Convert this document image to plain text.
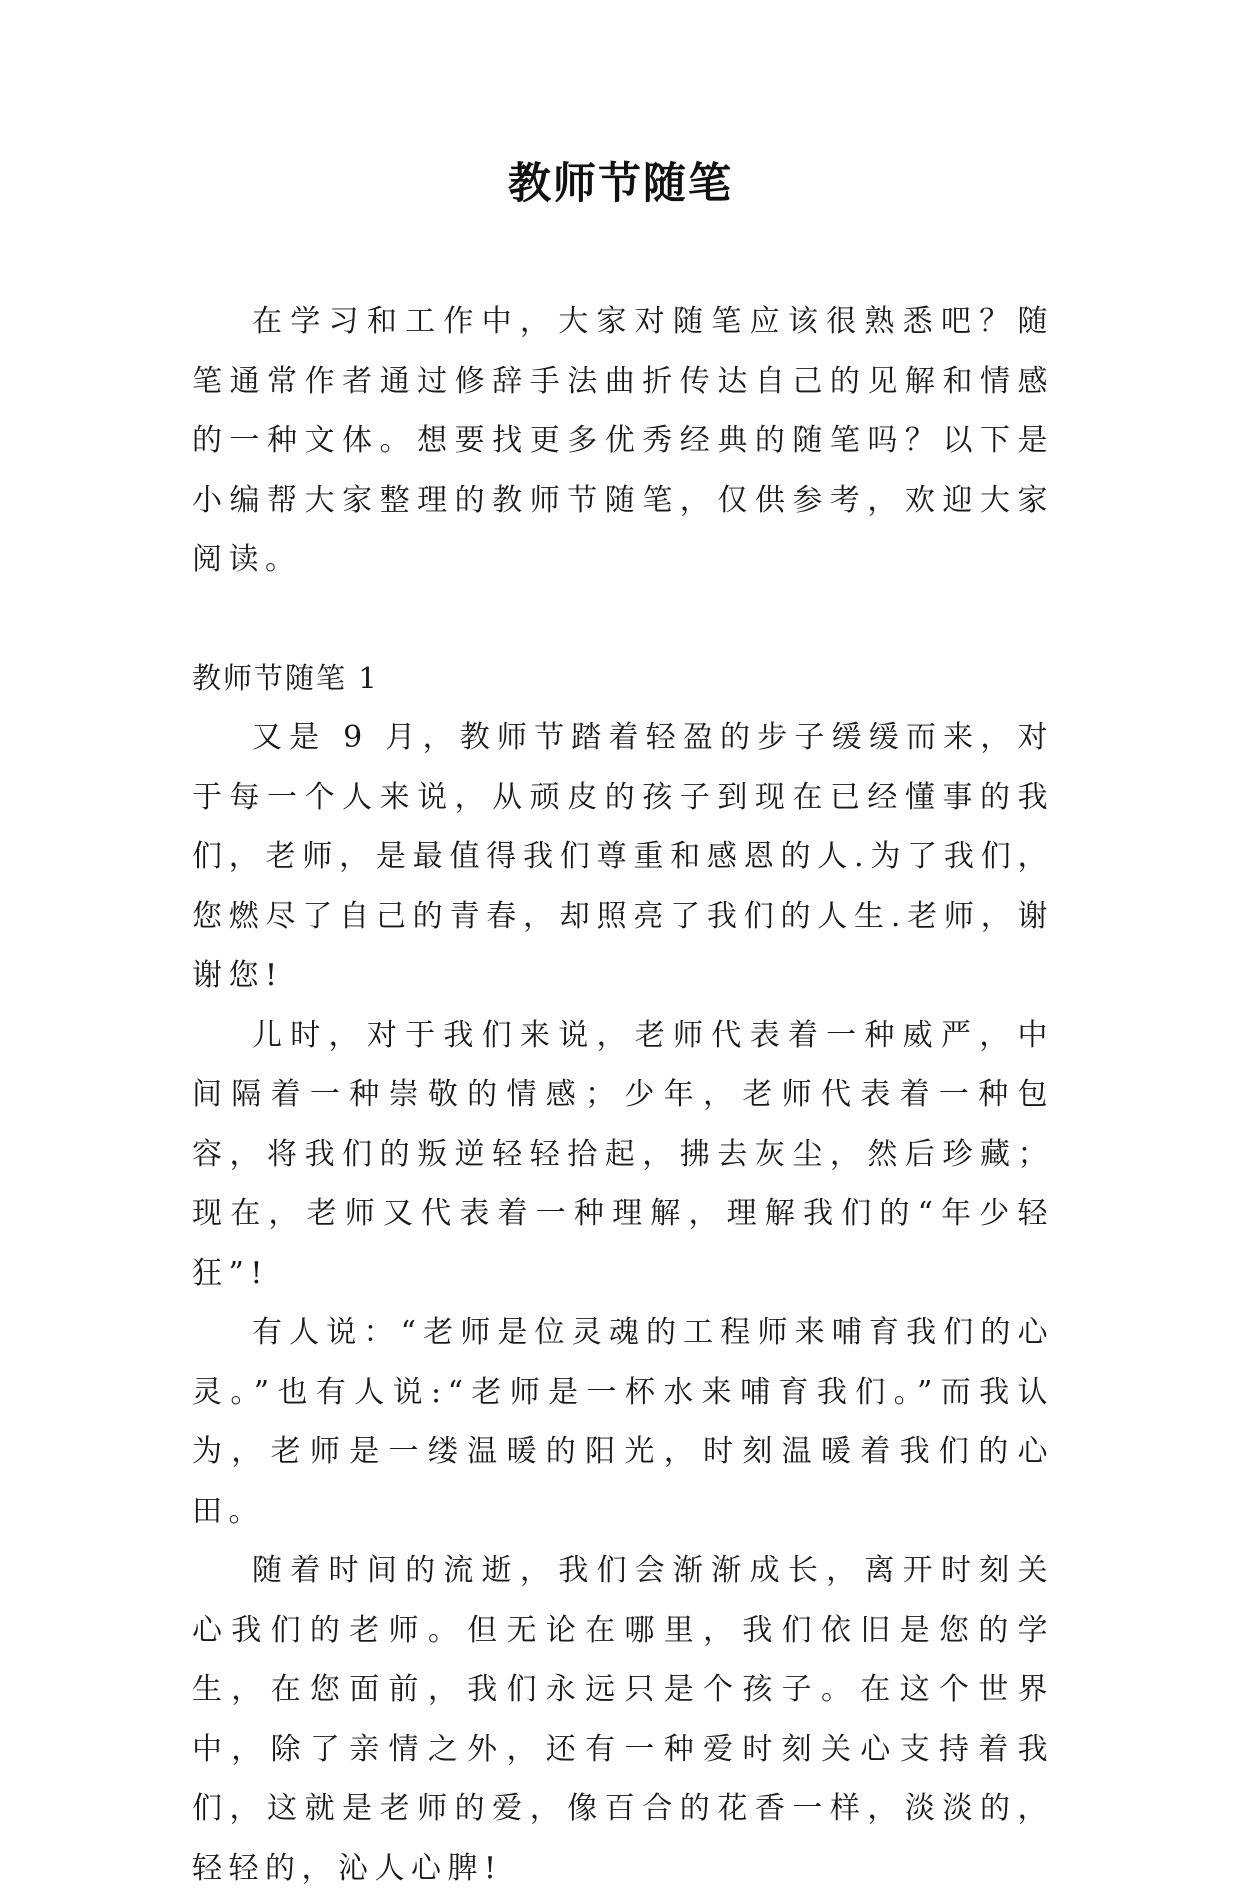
教师节随笔

在学习和工作中，大家对随笔应该很熟悉吧？随笔通常作者通过修辞手法曲折传达自己的见解和情感的一种文体。想要找更多优秀经典的随笔吗？以下是小编帮大家整理的教师节随笔，仅供参考，欢迎大家阅读。

教师节随笔 1

又是 9 月，教师节踏着轻盈的步子缓缓而来，对于每一个人来说，从顽皮的孩子到现在已经懂事的我们，老师，是最值得我们尊重和感恩的人.为了我们，您燃尽了自己的青春，却照亮了我们的人生.老师，谢谢您!

儿时，对于我们来说，老师代表着一种威严，中间隔着一种崇敬的情感；少年，老师代表着一种包容，将我们的叛逆轻轻拾起，拂去灰尘，然后珍藏；现在，老师又代表着一种理解，理解我们的“年少轻狂”!

有人说：“老师是位灵魂的工程师来哺育我们的心灵。”也有人说:“老师是一杯水来哺育我们。”而我认为，老师是一缕温暖的阳光，时刻温暖着我们的心田。

随着时间的流逝，我们会渐渐成长，离开时刻关心我们的老师。但无论在哪里，我们依旧是您的学生，在您面前，我们永远只是个孩子。在这个世界中，除了亲情之外，还有一种爱时刻关心支持着我们，这就是老师的爱，像百合的花香一样，淡淡的，轻轻的，沁人心脾!
